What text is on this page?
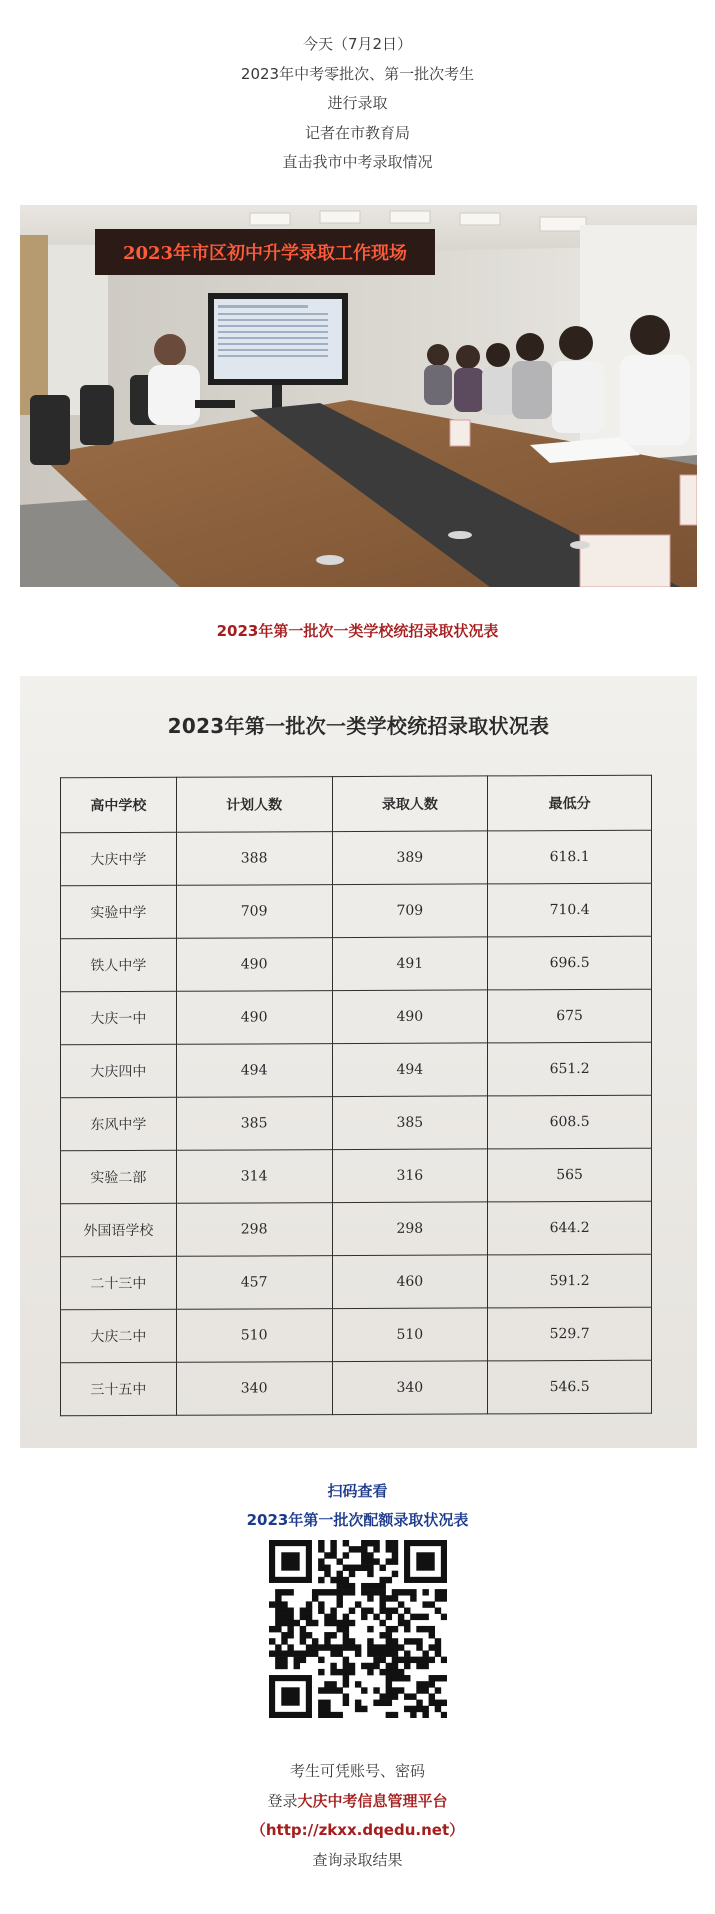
今天（7月2日）
2023年中考零批次、第一批次考生
进行录取
记者在市教育局
直击我市中考录取情况
2023年市区初中升学录取工作现场
2023年第一批次一类学校统招录取状况表
2023年第一批次一类学校统招录取状况表
高中学校	计划人数	录取人数	最低分
大庆中学	388	389	618.1
实验中学	709	709	710.4
铁人中学	490	491	696.5
大庆一中	490	490	675
大庆四中	494	494	651.2
东风中学	385	385	608.5
实验二部	314	316	565
外国语学校	298	298	644.2
二十三中	457	460	591.2
大庆二中	510	510	529.7
三十五中	340	340	546.5
扫码查看
2023年第一批次配额录取状况表
考生可凭账号、密码
登录大庆中考信息管理平台
（http://zkxx.dqedu.net）
查询录取结果
